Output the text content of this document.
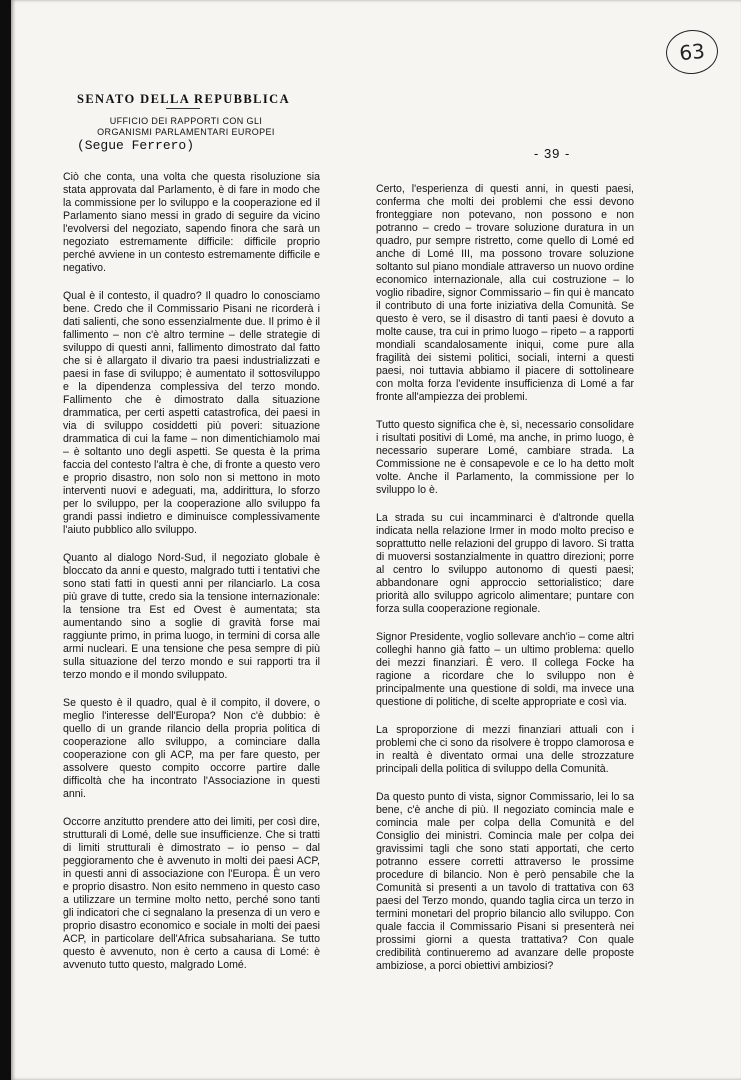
63
SENATO DELLA REPUBBLICA
UFFICIO DEI RAPPORTI CON GLI
ORGANISMI PARLAMENTARI EUROPEI
(Segue Ferrero)
- 39 -

Ciò che conta, una volta che questa risoluzione sia stata approvata dal Parlamento, è di fare in modo che la commissione per lo sviluppo e la cooperazione ed il Parlamento siano messi in grado di seguire da vicino l'evolversi del negoziato, sapendo finora che sarà un negoziato estremamente difficile: difficile proprio perché avviene in un contesto estremamente difficile e negativo.

Qual è il contesto, il quadro? Il quadro lo conosciamo bene. Credo che il Commissario Pisani ne ricorderà i dati salienti, che sono essenzialmente due. Il primo è il fallimento – non c'è altro termine – delle strategie di sviluppo di questi anni, fallimento dimostrato dal fatto che si è allargato il divario tra paesi industrializzati e paesi in fase di sviluppo; è aumentato il sottosviluppo e la dipendenza complessiva del terzo mondo. Fallimento che è dimostrato dalla situazione drammatica, per certi aspetti catastrofica, dei paesi in via di sviluppo cosiddetti più poveri: situazione drammatica di cui la fame – non dimentichiamolo mai – è soltanto uno degli aspetti. Se questa è la prima faccia del contesto l'altra è che, di fronte a questo vero e proprio disastro, non solo non si mettono in moto interventi nuovi e adeguati, ma, addirittura, lo sforzo per lo sviluppo, per la cooperazione allo sviluppo fa grandi passi indietro e diminuisce complessivamente l'aiuto pubblico allo sviluppo.

Quanto al dialogo Nord-Sud, il negoziato globale è bloccato da anni e questo, malgrado tutti i tentativi che sono stati fatti in questi anni per rilanciarlo. La cosa più grave di tutte, credo sia la tensione internazionale: la tensione tra Est ed Ovest è aumentata; sta aumentando sino a soglie di gravità forse mai raggiunte primo, in prima luogo, in termini di corsa alle armi nucleari. E una tensione che pesa sempre di più sulla situazione del terzo mondo e sui rapporti tra il terzo mondo e il mondo sviluppato.

Se questo è il quadro, qual è il compito, il dovere, o meglio l'interesse dell'Europa? Non c'è dubbio: è quello di un grande rilancio della propria politica di cooperazione allo sviluppo, a cominciare dalla cooperazione con gli ACP, ma per fare questo, per assolvere questo compito occorre partire dalle difficoltà che ha incontrato l'Associazione in questi anni.

Occorre anzitutto prendere atto dei limiti, per così dire, strutturali di Lomé, delle sue insufficienze. Che si tratti di limiti strutturali è dimostrato – io penso – dal peggioramento che è avvenuto in molti dei paesi ACP, in questi anni di associazione con l'Europa. È un vero e proprio disastro. Non esito nemmeno in questo caso a utilizzare un termine molto netto, perché sono tanti gli indicatori che ci segnalano la presenza di un vero e proprio disastro economico e sociale in molti dei paesi ACP, in particolare dell'Africa subsahariana. Se tutto questo è avvenuto, non è certo a causa di Lomé: è avvenuto tutto questo, malgrado Lomé.

Certo, l'esperienza di questi anni, in questi paesi, conferma che molti dei problemi che essi devono fronteggiare non potevano, non possono e non potranno – credo – trovare soluzione duratura in un quadro, pur sempre ristretto, come quello di Lomé ed anche di Lomé III, ma possono trovare soluzione soltanto sul piano mondiale attraverso un nuovo ordine economico internazionale, alla cui costruzione – lo voglio ribadire, signor Commissario – fin qui è mancato il contributo di una forte iniziativa della Comunità. Se questo è vero, se il disastro di tanti paesi è dovuto a molte cause, tra cui in primo luogo – ripeto – a rapporti mondiali scandalosamente iniqui, come pure alla fragilità dei sistemi politici, sociali, interni a questi paesi, noi tuttavia abbiamo il piacere di sottolineare con molta forza l'evidente insufficienza di Lomé a far fronte all'ampiezza dei problemi.

Tutto questo significa che è, sì, necessario consolidare i risultati positivi di Lomé, ma anche, in primo luogo, è necessario superare Lomé, cambiare strada. La Commissione ne è consapevole e ce lo ha detto molt volte. Anche il Parlamento, la commissione per lo sviluppo lo è.

La strada su cui incamminarci è d'altronde quella indicata nella relazione Irmer in modo molto preciso e soprattutto nelle relazioni del gruppo di lavoro. Si tratta di muoversi sostanzialmente in quattro direzioni; porre al centro lo sviluppo autonomo di questi paesi; abbandonare ogni approccio settorialistico; dare priorità allo sviluppo agricolo alimentare; puntare con forza sulla cooperazione regionale.

Signor Presidente, voglio sollevare anch'io – come altri colleghi hanno già fatto – un ultimo problema: quello dei mezzi finanziari. È vero. Il collega Focke ha ragione a ricordare che lo sviluppo non è principalmente una questione di soldi, ma invece una questione di politiche, di scelte appropriate e così via.

La sproporzione di mezzi finanziari attuali con i problemi che ci sono da risolvere è troppo clamorosa e in realtà è diventato ormai una delle strozzature principali della politica di sviluppo della Comunità.

Da questo punto di vista, signor Commissario, lei lo sa bene, c'è anche di più. Il negoziato comincia male e comincia male per colpa della Comunità e del Consiglio dei ministri. Comincia male per colpa dei gravissimi tagli che sono stati apportati, che certo potranno essere corretti attraverso le prossime procedure di bilancio. Non è però pensabile che la Comunità si presenti a un tavolo di trattativa con 63 paesi del Terzo mondo, quando taglia circa un terzo in termini monetari del proprio bilancio allo sviluppo. Con quale faccia il Commissario Pisani si presenterà nei prossimi giorni a questa trattativa? Con quale credibilità continueremo ad avanzare delle proposte ambiziose, a porci obiettivi ambiziosi?
